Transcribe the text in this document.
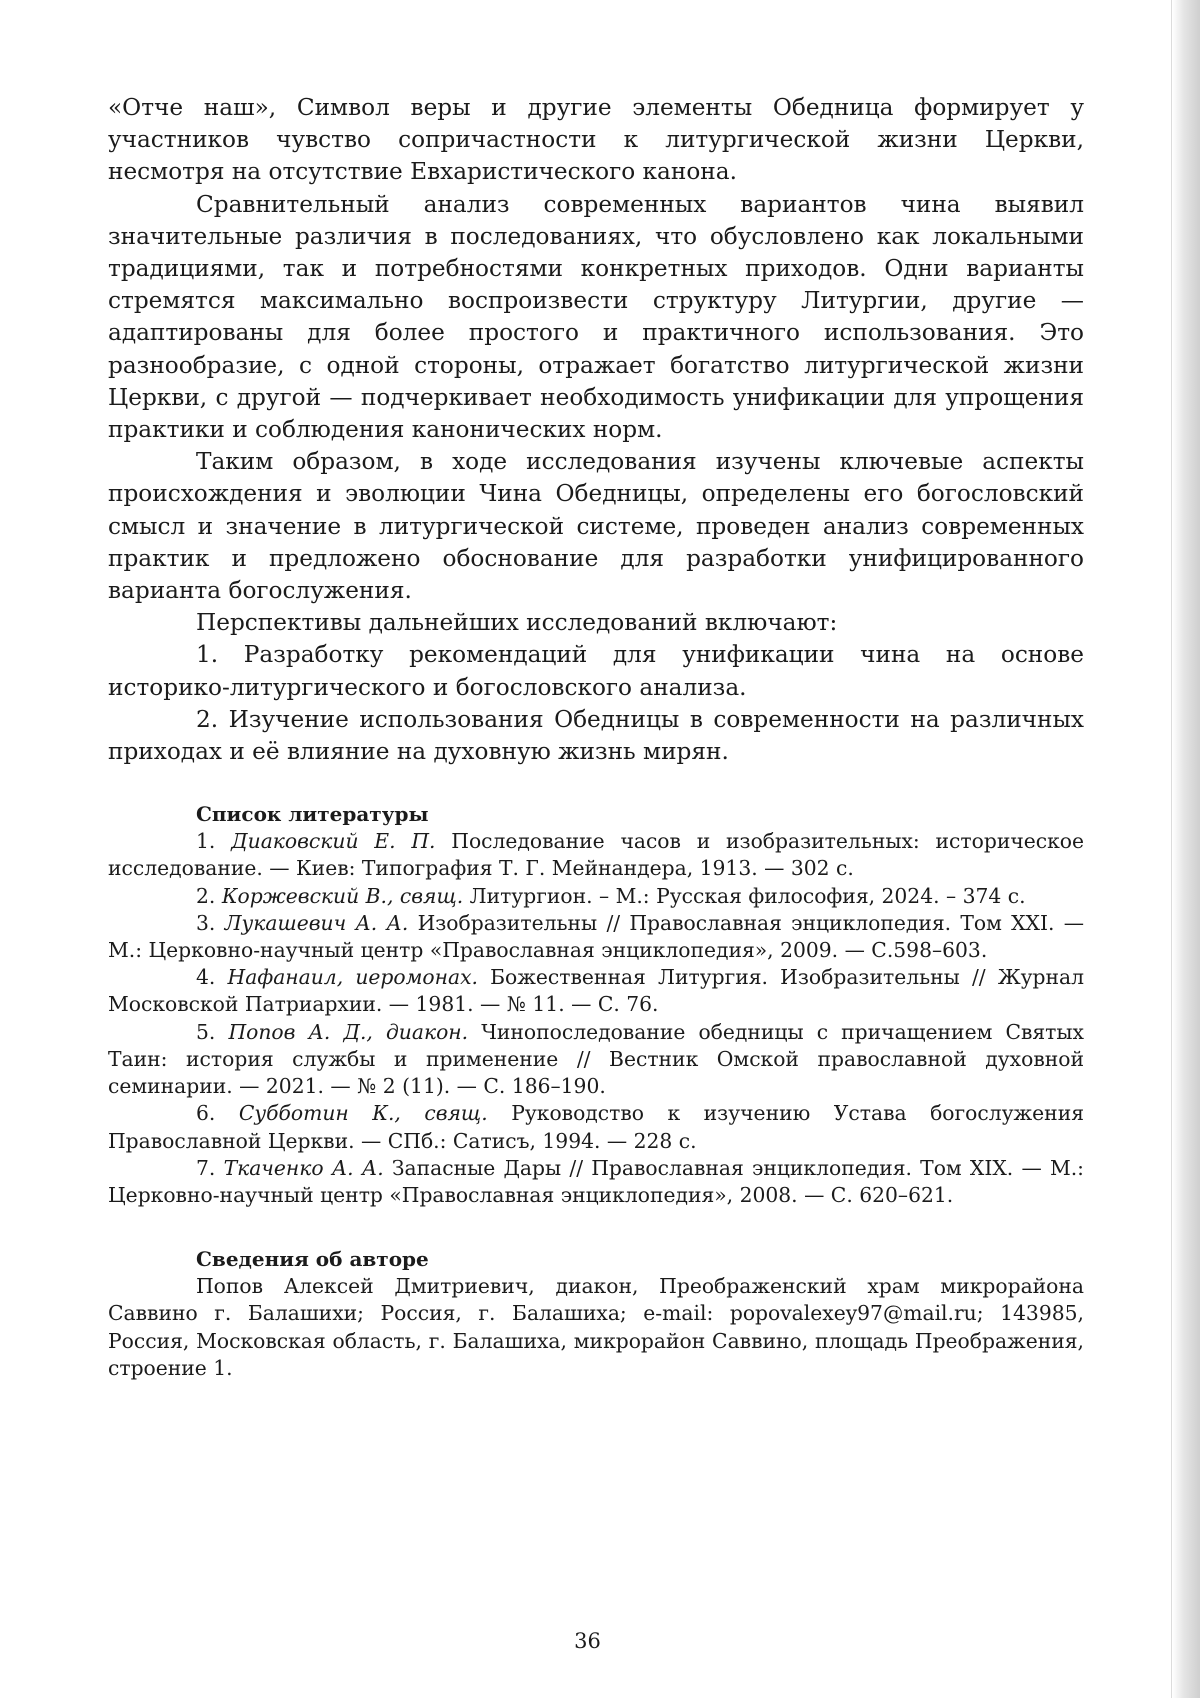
«Отче наш», Символ веры и другие элементы Обедница формирует у участников чувство сопричастности к литургической жизни Церкви, несмотря на отсутствие Евхаристического канона.

Сравнительный анализ современных вариантов чина выявил значительные различия в последованиях, что обусловлено как локальными традициями, так и потребностями конкретных приходов. Одни варианты стремятся максимально воспроизвести структуру Литургии, другие — адаптированы для более простого и практичного использования. Это разнообразие, с одной стороны, отражает богатство литургической жизни Церкви, с другой — подчеркивает необходимость унификации для упрощения практики и соблюдения канонических норм.

Таким образом, в ходе исследования изучены ключевые аспекты происхождения и эволюции Чина Обедницы, определены его богословский смысл и значение в литургической системе, проведен анализ современных практик и предложено обоснование для разработки унифицированного варианта богослужения.

Перспективы дальнейших исследований включают:

1. Разработку рекомендаций для унификации чина на основе историко-литургического и богословского анализа.

2. Изучение использования Обедницы в современности на различных приходах и её влияние на духовную жизнь мирян.

Список литературы

1. Диаковский Е. П. Последование часов и изобразительных: историческое исследование. — Киев: Типография Т. Г. Мейнандера, 1913. — 302 с.

2. Коржевский В., свящ. Литургион. – М.: Русская философия, 2024. – 374 с.

3. Лукашевич А. А. Изобразительны // Православная энциклопедия. Том XXI. — М.: Церковно-научный центр «Православная энциклопедия», 2009. — С.598–603.

4. Нафанаил, иеромонах. Божественная Литургия. Изобразительны // Журнал Московской Патриархии. — 1981. — № 11. — С. 76.

5. Попов А. Д., диакон. Чинопоследование обедницы с причащением Святых Таин: история службы и применение // Вестник Омской православной духовной семинарии. — 2021. — № 2 (11). — С. 186–190.

6. Субботин К., свящ. Руководство к изучению Устава богослужения Православной Церкви. — СПб.: Сатисъ, 1994. — 228 с.

7. Ткаченко А. А. Запасные Дары // Православная энциклопедия. Том XIX. — М.: Церковно-научный центр «Православная энциклопедия», 2008. — С. 620–621.

Сведения об авторе

Попов Алексей Дмитриевич, диакон, Преображенский храм микрорайона Саввино г. Балашихи; Россия, г. Балашиха; e-mail: popovalexey97@mail.ru; 143985, Россия, Московская область, г. Балашиха, микрорайон Саввино, площадь Преображения, строение 1.

36
